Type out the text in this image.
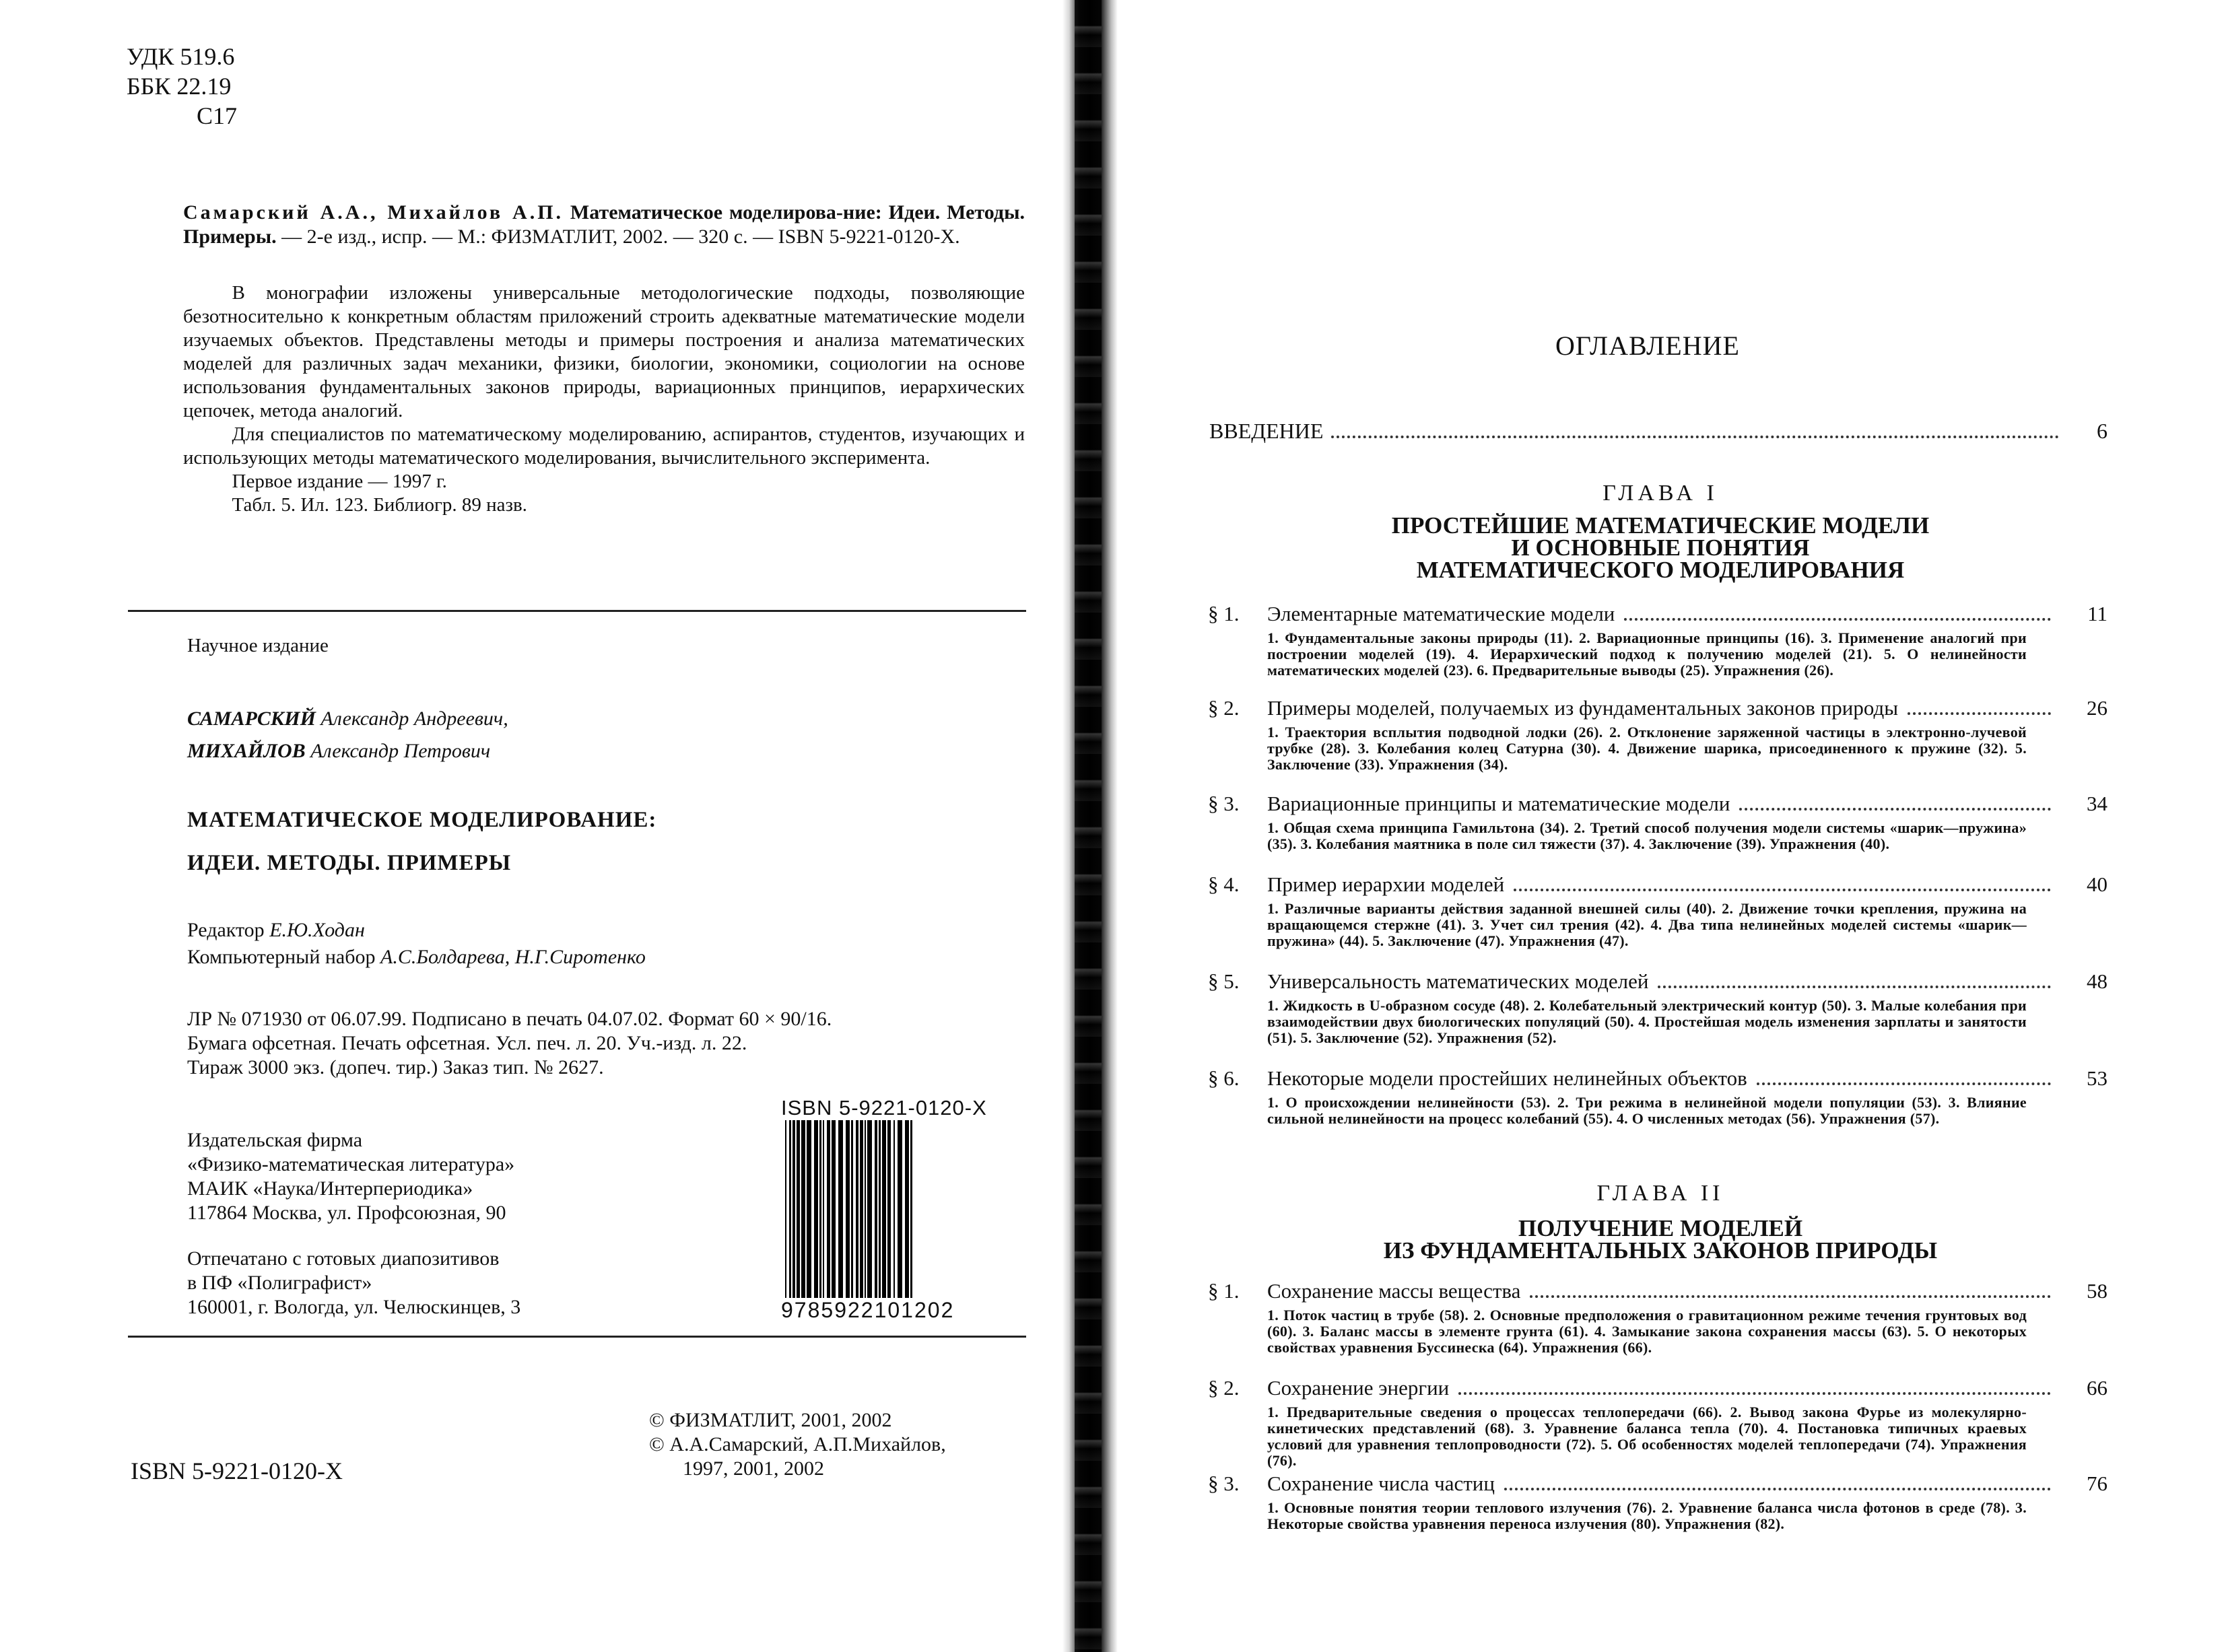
УДК 519.6
ББК 22.19
С17
Самарский А.А., Михайлов А.П. Математическое моделирова-ние: Идеи. Методы. Примеры. — 2-е изд., испр. — М.: ФИЗМАТЛИТ, 2002. — 320 с. — ISBN 5-9221-0120-X.

В монографии изложены универсальные методологические подходы, позволяющие безотносительно к конкретным областям приложений строить адекватные математические модели изучаемых объектов. Представлены методы и примеры построения и анализа математических моделей для различных задач механики, физики, биологии, экономики, социологии на основе использования фундаментальных законов природы, вариационных принципов, иерархических цепочек, метода аналогий.

Для специалистов по математическому моделированию, аспирантов, студентов, изучающих и использующих методы математического моделирования, вычислительного эксперимента.

Первое издание — 1997 г.
Табл. 5. Ил. 123. Библиогр. 89 назв.
Научное издание
САМАРСКИЙ Александр Андреевич,
МИХАЙЛОВ Александр Петрович
МАТЕМАТИЧЕСКОЕ МОДЕЛИРОВАНИЕ:
ИДЕИ. МЕТОДЫ. ПРИМЕРЫ
Редактор Е.Ю.Ходан
Компьютерный набор А.С.Болдарева, Н.Г.Сиротенко
ЛР № 071930 от 06.07.99. Подписано в печать 04.07.02. Формат 60 × 90/16.
Бумага офсетная. Печать офсетная. Усл. печ. л. 20. Уч.-изд. л. 22.
Тираж 3000 экз. (допеч. тир.) Заказ тип. № 2627.
Издательская фирма
«Физико-математическая литература»
МАИК «Наука/Интерпериодика»
117864 Москва, ул. Профсоюзная, 90
Отпечатано с готовых диапозитивов
в ПФ «Полиграфист»
160001, г. Вологда, ул. Челюскинцев, 3
ISBN 5-9221-0120-X
9785922101202
ISBN 5-9221-0120-X
© ФИЗМАТЛИТ, 2001, 2002
© А.А.Самарский, А.П.Михайлов,
1997, 2001, 2002
ОГЛАВЛЕНИЕ
ВВЕДЕНИЕ	6
ГЛАВА I
ПРОСТЕЙШИЕ МАТЕМАТИЧЕСКИЕ МОДЕЛИ
И ОСНОВНЫЕ ПОНЯТИЯ
МАТЕМАТИЧЕСКОГО МОДЕЛИРОВАНИЯ
§ 1.	Элементарные математические модели	11
1. Фундаментальные законы природы (11). 2. Вариационные принципы (16). 3. Применение аналогий при построении моделей (19). 4. Иерархический подход к получению моделей (21). 5. О нелинейности математических моделей (23). 6. Предварительные выводы (25). Упражнения (26).
§ 2.	Примеры моделей, получаемых из фундаментальных законов природы	26
1. Траектория всплытия подводной лодки (26). 2. Отклонение заряженной частицы в электронно-лучевой трубке (28). 3. Колебания колец Сатурна (30). 4. Движение шарика, присоединенного к пружине (32). 5. Заключение (33). Упражнения (34).
§ 3.	Вариационные принципы и математические модели	34
1. Общая схема принципа Гамильтона (34). 2. Третий способ получения модели системы «шарик—пружина» (35). 3. Колебания маятника в поле сил тяжести (37). 4. Заключение (39). Упражнения (40).
§ 4.	Пример иерархии моделей	40
1. Различные варианты действия заданной внешней силы (40). 2. Движение точки крепления, пружина на вращающемся стержне (41). 3. Учет сил трения (42). 4. Два типа нелинейных моделей системы «шарик—пружина» (44). 5. Заключение (47). Упражнения (47).
§ 5.	Универсальность математических моделей	48
1. Жидкость в U-образном сосуде (48). 2. Колебательный электрический контур (50). 3. Малые колебания при взаимодействии двух биологических популяций (50). 4. Простейшая модель изменения зарплаты и занятости (51). 5. Заключение (52). Упражнения (52).
§ 6.	Некоторые модели простейших нелинейных объектов	53
1. О происхождении нелинейности (53). 2. Три режима в нелинейной модели популяции (53). 3. Влияние сильной нелинейности на процесс колебаний (55). 4. О численных методах (56). Упражнения (57).
ГЛАВА II
ПОЛУЧЕНИЕ МОДЕЛЕЙ
ИЗ ФУНДАМЕНТАЛЬНЫХ ЗАКОНОВ ПРИРОДЫ
§ 1.	Сохранение массы вещества	58
1. Поток частиц в трубе (58). 2. Основные предположения о гравитационном режиме течения грунтовых вод (60). 3. Баланс массы в элементе грунта (61). 4. Замыкание закона сохранения массы (63). 5. О некоторых свойствах уравнения Буссинеска (64). Упражнения (66).
§ 2.	Сохранение энергии	66
1. Предварительные сведения о процессах теплопередачи (66). 2. Вывод закона Фурье из молекулярно-кинетических представлений (68). 3. Уравнение баланса тепла (70). 4. Постановка типичных краевых условий для уравнения теплопроводности (72). 5. Об особенностях моделей теплопередачи (74). Упражнения (76).
§ 3.	Сохранение числа частиц	76
1. Основные понятия теории теплового излучения (76). 2. Уравнение баланса числа фотонов в среде (78). 3. Некоторые свойства уравнения переноса излучения (80). Упражнения (82).
